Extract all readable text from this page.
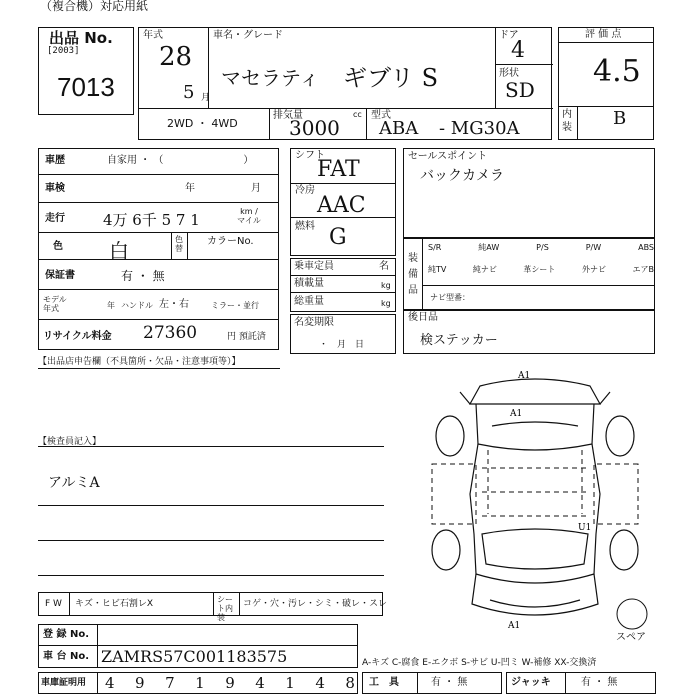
（複合機）対応用紙
出品 No.
[2003]
7013
年式
28
5 月
車名・グレード
マセラティ ギブリ S
ドア
4
形状
SD
2WD ・ 4WD
排気量	cc
3000
型式
ABA - MG30A
評 価 点
4.5
内装 B
車歴	自家用 ・ （　　　　　　　　）
車検	年	月
走行	4万 6千 5 7 1	km / マイル
色 白	色替
カラーNo.
保証書	有 ・ 無
モデル年式	年 ハンドル 左・右	ミラー・並行
リサイクル料金 27360	円 預託済
シフト
FAT
冷房
AAC
燃料 G
乗車定員	名
積載量	kg
総重量	kg
名変期限
・　月　日
セールスポイント
バックカメラ
装備品
S/R	純AW	P/S	P/W	ABS
純TV	純ナビ	革シート	外ナビ	エアB
ナビ型番：
後日品
検ステッカー
【出品店申告欄（不具箇所・欠品・注意事項等）】
【検査員記入】
アルミA
A1
A1
A1
U1
スペア
F W キズ・ヒビ石割レX	シート内装
コゲ・穴・汚レ・シミ・破レ・スレ
登 録 No.
車 台 No. ZAMRS57C001183575
車庫証明用 4 9 7 1 9 4 1 4 8
A-キズ C-腐食 E-エクボ S-サビ U-凹ミ W-補修 XX-交換済
工　具	有 ・ 無	ジャッキ	有 ・ 無
